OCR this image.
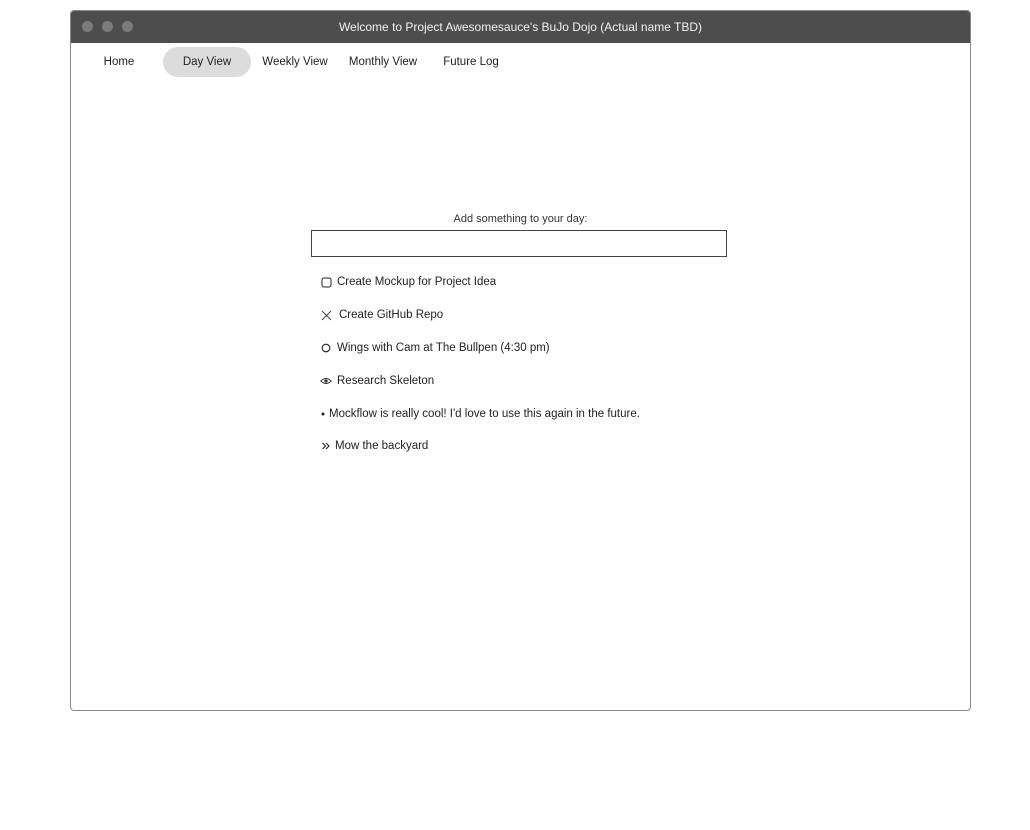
Welcome to Project Awesomesauce's BuJo Dojo (Actual name TBD)
Home	Day View	Weekly View	Monthly View	Future Log
Add something to your day:
Create Mockup for Project Idea
Create GitHub Repo
Wings with Cam at The Bullpen (4:30 pm)
Research Skeleton
Mockflow is really cool! I'd love to use this again in the future.
Mow the backyard
